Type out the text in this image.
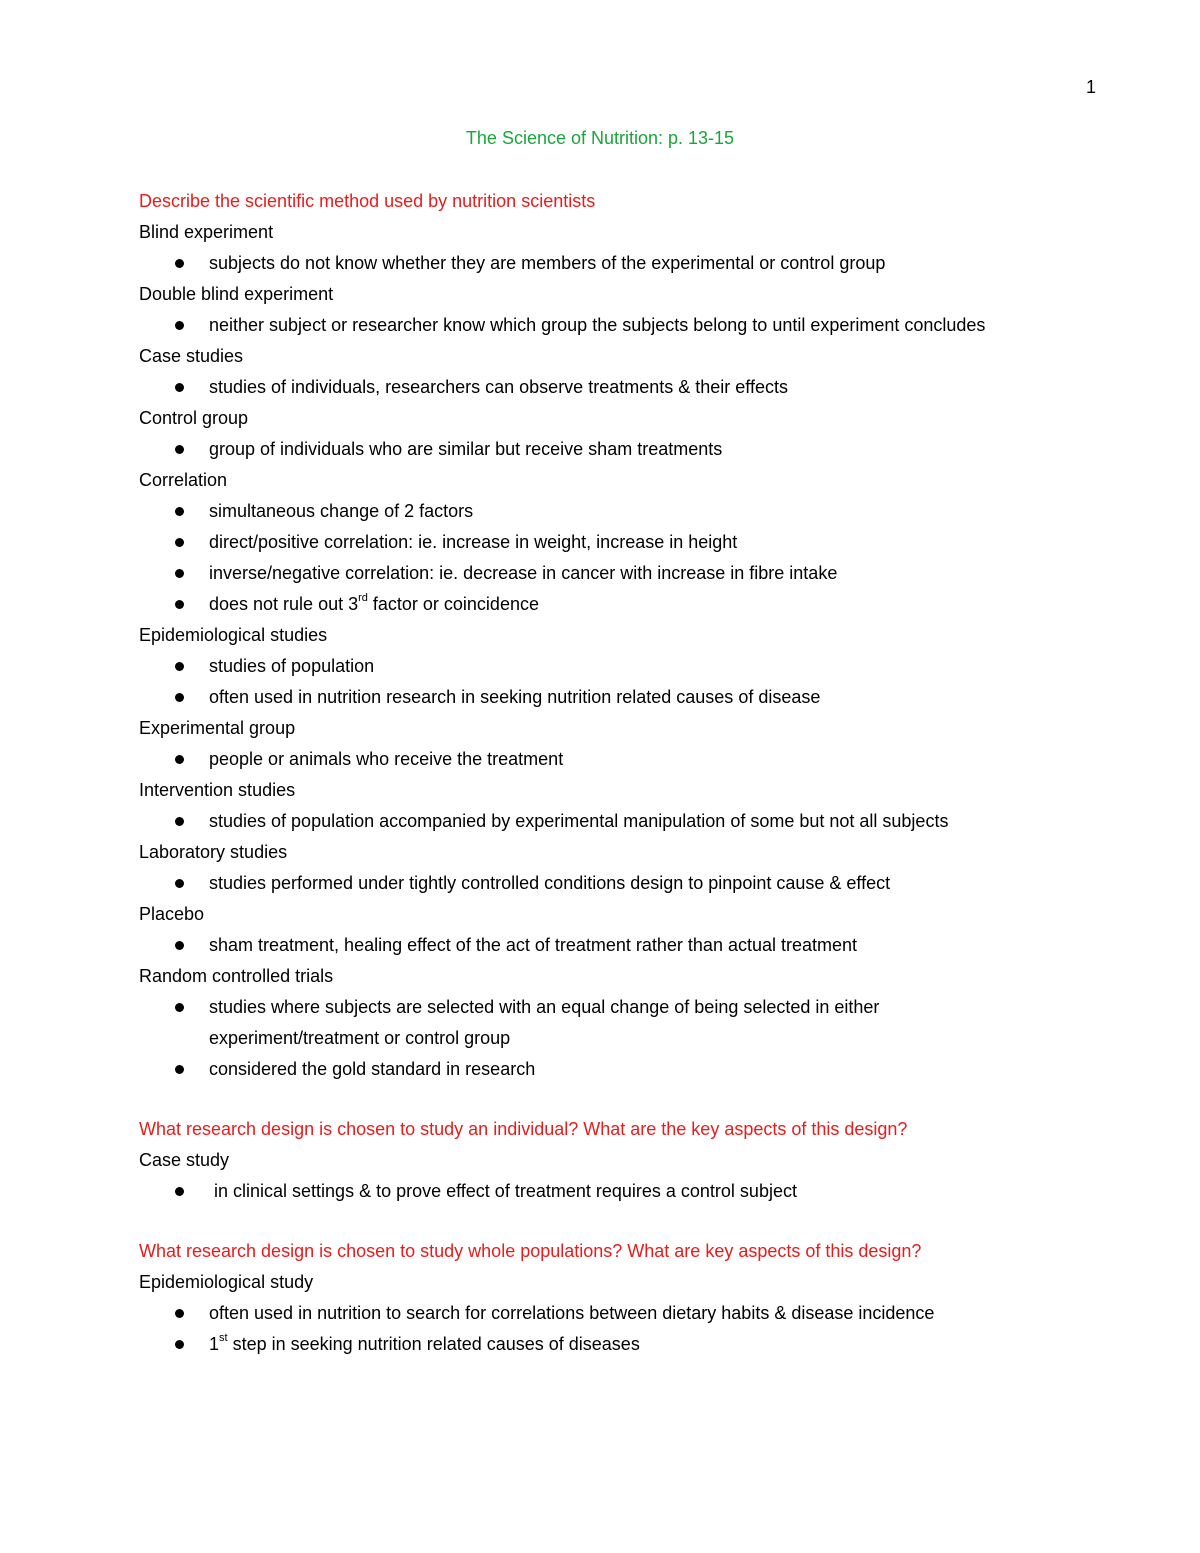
1
The Science of Nutrition: p. 13-15
Describe the scientific method used by nutrition scientists
Blind experiment
subjects do not know whether they are members of the experimental or control group
Double blind experiment
neither subject or researcher know which group the subjects belong to until experiment concludes
Case studies
studies of individuals, researchers can observe treatments & their effects
Control group
group of individuals who are similar but receive sham treatments
Correlation
simultaneous change of 2 factors
direct/positive correlation: ie. increase in weight, increase in height
inverse/negative correlation: ie. decrease in cancer with increase in fibre intake
does not rule out 3rd factor or coincidence
Epidemiological studies
studies of population
often used in nutrition research in seeking nutrition related causes of disease
Experimental group
people or animals who receive the treatment
Intervention studies
studies of population accompanied by experimental manipulation of some but not all subjects
Laboratory studies
studies performed under tightly controlled conditions design to pinpoint cause & effect
Placebo
sham treatment, healing effect of the act of treatment rather than actual treatment
Random controlled trials
studies where subjects are selected with an equal change of being selected in either experiment/treatment or control group
considered the gold standard in research
What research design is chosen to study an individual? What are the key aspects of this design?
Case study
in clinical settings & to prove effect of treatment requires a control subject
What research design is chosen to study whole populations? What are key aspects of this design?
Epidemiological study
often used in nutrition to search for correlations between dietary habits & disease incidence
1st step in seeking nutrition related causes of diseases
